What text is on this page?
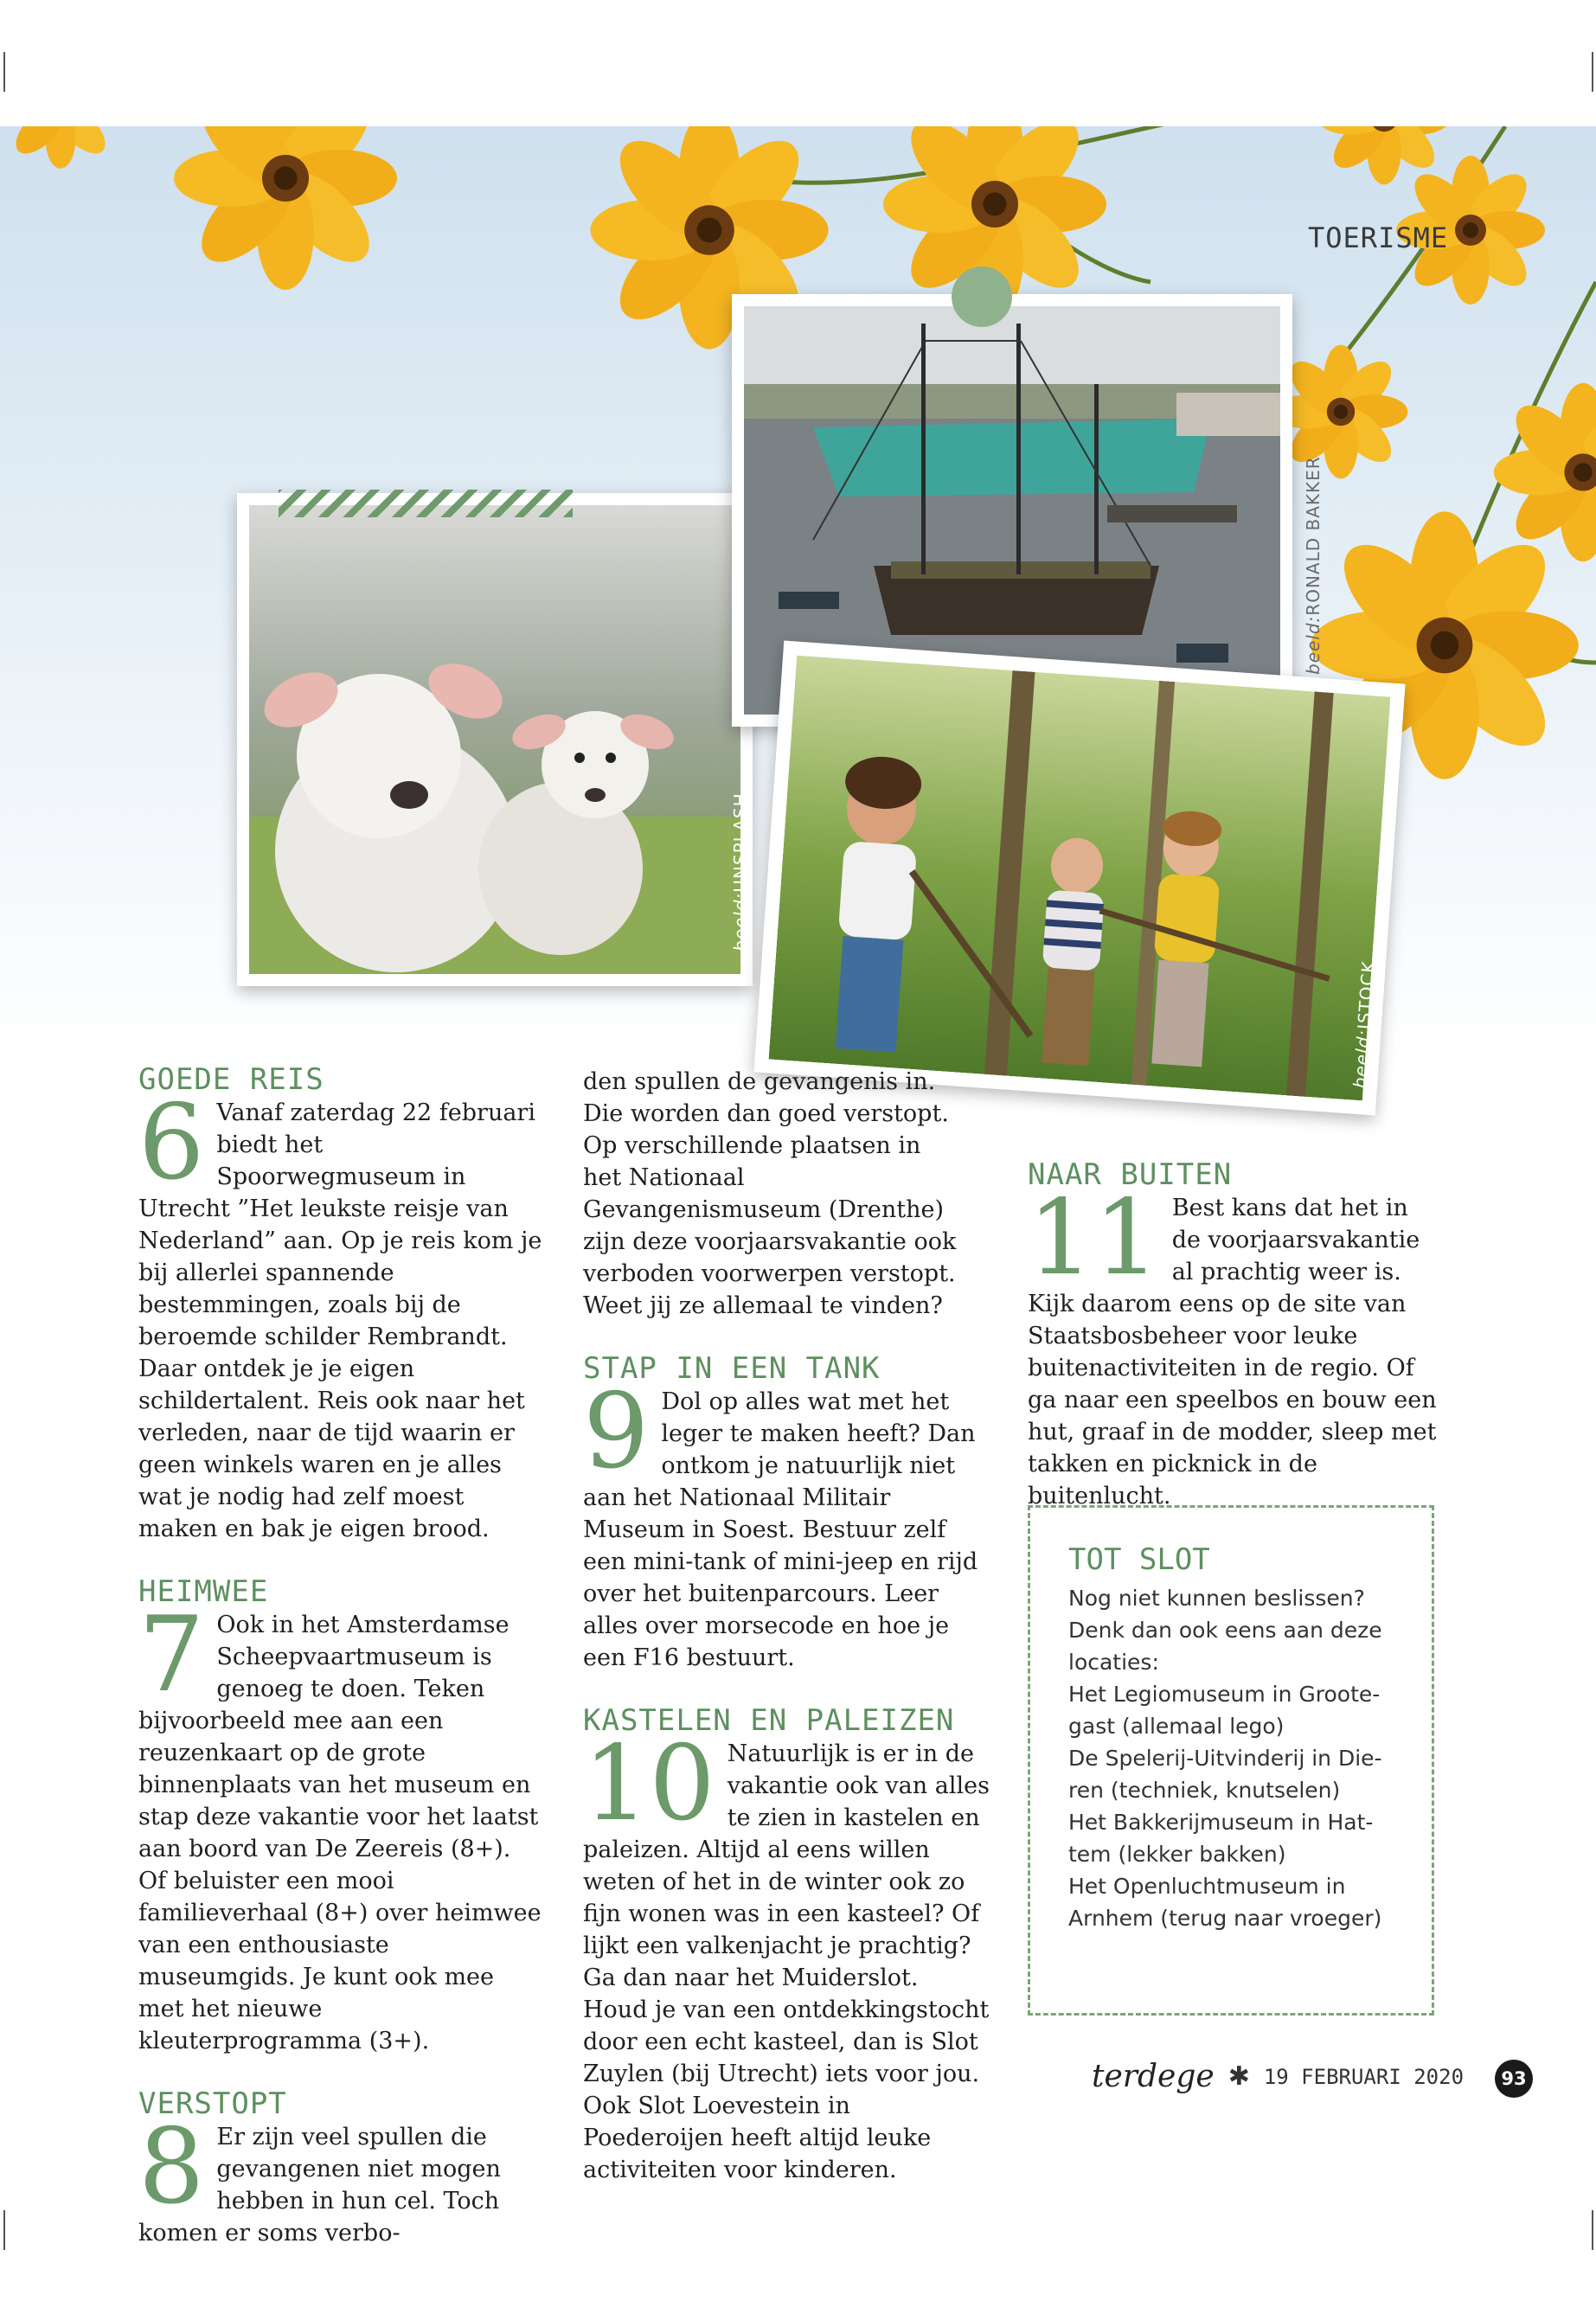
TOERISME
beeld:UNSPLASH
beeld:RONALD BAKKER
beeld:ISTOCK
GOEDE REIS

6 Vanaf zaterdag 22 februari biedt het Spoorwegmuseum in Utrecht ”Het leukste reisje van Nederland” aan. Op je reis kom je bij allerlei spannende bestemmingen, zoals bij de beroemde schilder Rembrandt. Daar ontdek je je eigen schildertalent. Reis ook naar het verleden, naar de tijd waarin er geen winkels waren en je alles wat je nodig had zelf moest maken en bak je eigen brood.

HEIMWEE

7 Ook in het Amsterdamse Scheepvaartmuseum is genoeg te doen. Teken bijvoorbeeld mee aan een reuzenkaart op de grote binnenplaats van het museum en stap deze vakantie voor het laatst aan boord van De Zeereis (8+). Of beluister een mooi familieverhaal (8+) over heimwee van een enthousiaste museumgids. Je kunt ook mee met het nieuwe kleuterprogramma (3+).

VERSTOPT

8 Er zijn veel spullen die gevangenen niet mogen hebben in hun cel. Toch komen er soms verbo-

den spullen de gevangenis in. Die worden dan goed verstopt. Op verschillende plaatsen in het Nationaal Gevangenismuseum (Drenthe) zijn deze voorjaarsvakantie ook verboden voorwerpen verstopt. Weet jij ze allemaal te vinden?

STAP IN EEN TANK

9 Dol op alles wat met het leger te maken heeft? Dan ontkom je natuurlijk niet aan het Nationaal Militair Museum in Soest. Bestuur zelf een mini-tank of mini-jeep en rijd over het buitenparcours. Leer alles over morsecode en hoe je een F16 bestuurt.

KASTELEN EN PALEIZEN

10 Natuurlijk is er in de vakantie ook van alles te zien in kastelen en paleizen. Altijd al eens willen weten of het in de winter ook zo fijn wonen was in een kasteel? Of lijkt een valkenjacht je prachtig? Ga dan naar het Muiderslot. Houd je van een ontdekkingstocht door een echt kasteel, dan is Slot Zuylen (bij Utrecht) iets voor jou. Ook Slot Loevestein in Poederoijen heeft altijd leuke activiteiten voor kinderen.

NAAR BUITEN

11 Best kans dat het in de voorjaarsvakantie al prachtig weer is. Kijk daarom eens op de site van Staatsbosbeheer voor leuke buitenactiviteiten in de regio. Of ga naar een speelbos en bouw een hut, graaf in de modder, sleep met takken en picknick in de buitenlucht.

TOT SLOT
Nog niet kunnen beslissen?
Denk dan ook eens aan deze
locaties:
Het Legiomuseum in Groote-
gast (allemaal lego)
De Spelerij-Uitvinderij in Die-
ren (techniek, knutselen)
Het Bakkerijmuseum in Hat-
tem (lekker bakken)
Het Openluchtmuseum in
Arnhem (terug naar vroeger)
terdege ✱ 19 FEBRUARI 2020	93
